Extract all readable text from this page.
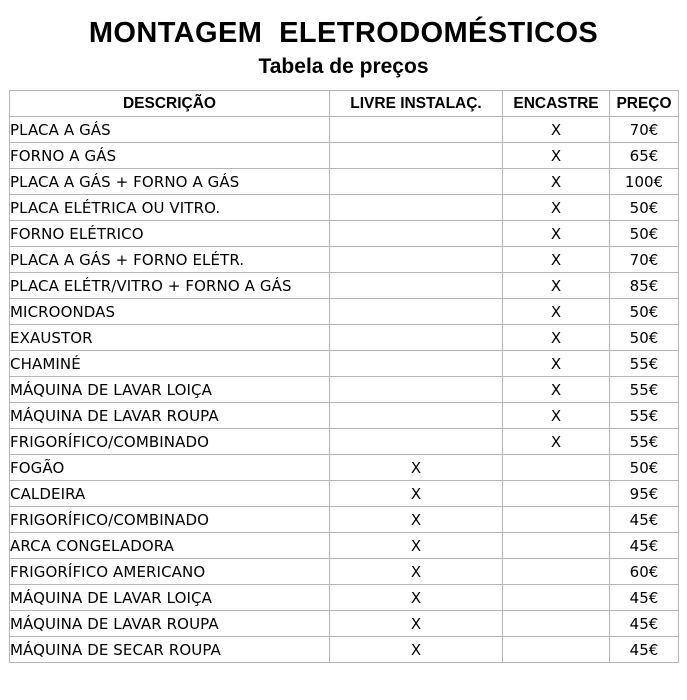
MONTAGEM  ELETRODOMÉSTICOS
Tabela de preços
DESCRIÇÃO	LIVRE INSTALAÇ.	ENCASTRE	PREÇO
PLACA A GÁS		X	70€
FORNO A GÁS		X	65€
PLACA A GÁS + FORNO A GÁS		X	100€
PLACA ELÉTRICA OU VITRO.		X	50€
FORNO ELÉTRICO		X	50€
PLACA A GÁS + FORNO ELÉTR.		X	70€
PLACA ELÉTR/VITRO + FORNO A GÁS		X	85€
MICROONDAS		X	50€
EXAUSTOR		X	50€
CHAMINÉ		X	55€
MÁQUINA DE LAVAR LOIÇA		X	55€
MÁQUINA DE LAVAR ROUPA		X	55€
FRIGORÍFICO/COMBINADO		X	55€
FOGÃO	X		50€
CALDEIRA	X		95€
FRIGORÍFICO/COMBINADO	X		45€
ARCA CONGELADORA	X		45€
FRIGORÍFICO AMERICANO	X		60€
MÁQUINA DE LAVAR LOIÇA	X		45€
MÁQUINA DE LAVAR ROUPA	X		45€
MÁQUINA DE SECAR ROUPA	X		45€
